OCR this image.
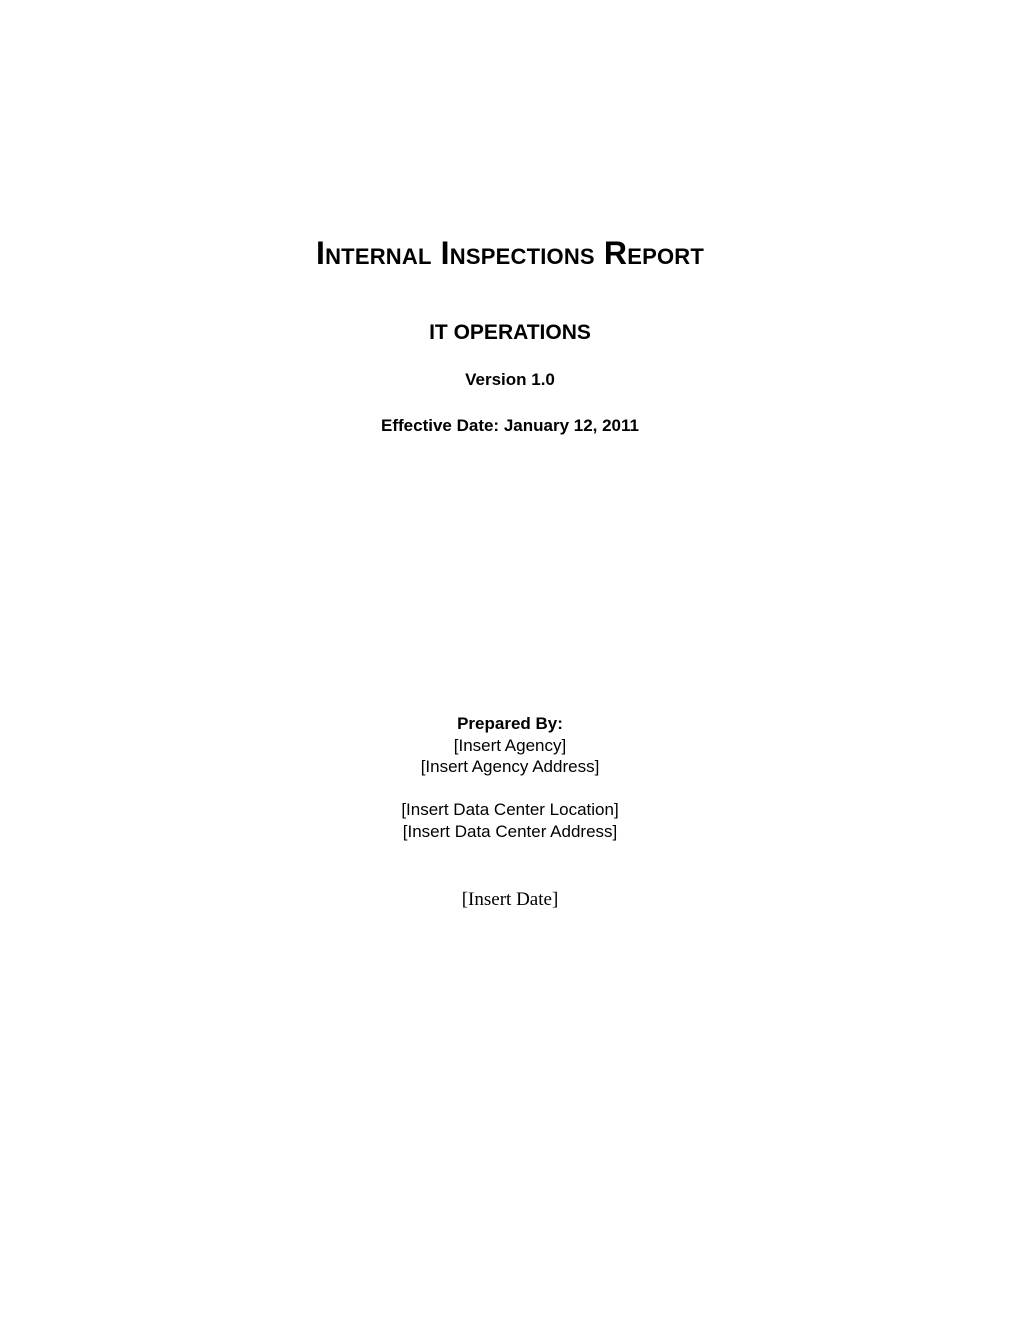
Internal Inspections Report
IT OPERATIONS
Version 1.0
Effective Date: January 12, 2011
Prepared By:
[Insert Agency]
[Insert Agency Address]
[Insert Data Center Location]
[Insert Data Center Address]
[Insert Date]
